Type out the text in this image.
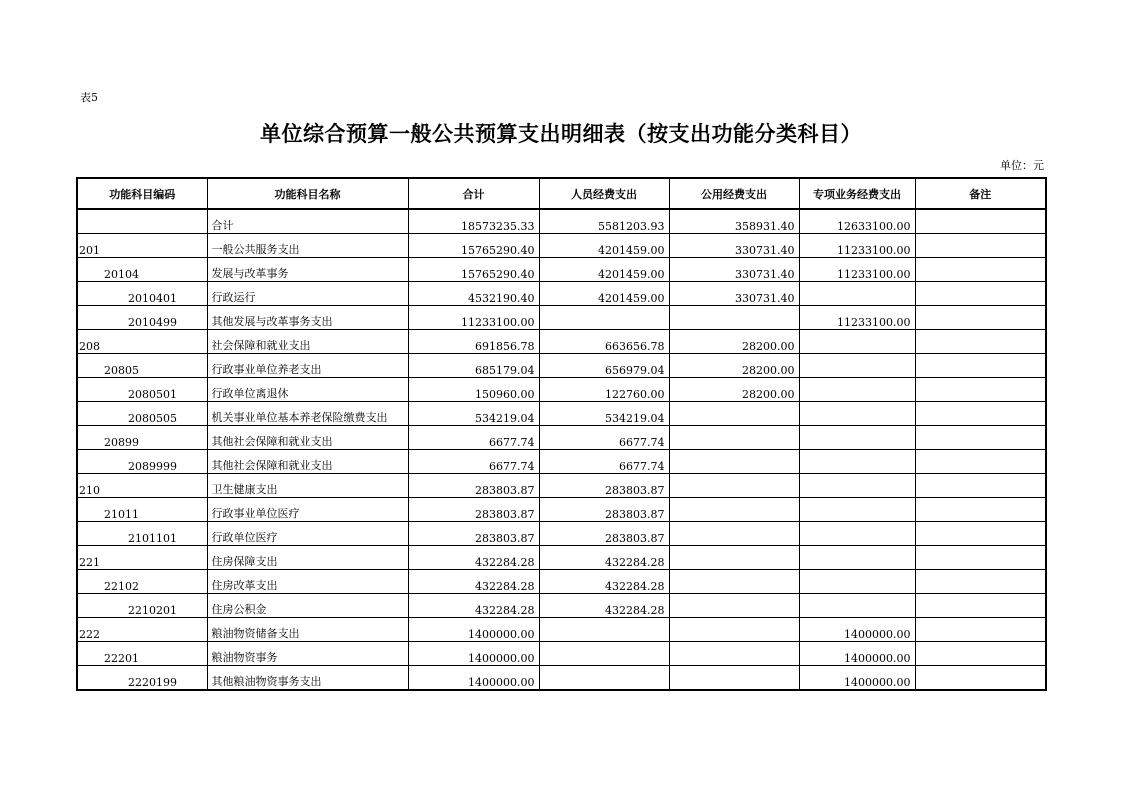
表5
单位综合预算一般公共预算支出明细表（按支出功能分类科目）
单位：元
功能科目编码	功能科目名称	合计	人员经费支出	公用经费支出	专项业务经费支出	备注
	合计	18573235.33	5581203.93	358931.40	12633100.00	
201	一般公共服务支出	15765290.40	4201459.00	330731.40	11233100.00	
20104	发展与改革事务	15765290.40	4201459.00	330731.40	11233100.00	
2010401	行政运行	4532190.40	4201459.00	330731.40		
2010499	其他发展与改革事务支出	11233100.00			11233100.00	
208	社会保障和就业支出	691856.78	663656.78	28200.00		
20805	行政事业单位养老支出	685179.04	656979.04	28200.00		
2080501	行政单位离退休	150960.00	122760.00	28200.00		
2080505	机关事业单位基本养老保险缴费支出	534219.04	534219.04			
20899	其他社会保障和就业支出	6677.74	6677.74			
2089999	其他社会保障和就业支出	6677.74	6677.74			
210	卫生健康支出	283803.87	283803.87			
21011	行政事业单位医疗	283803.87	283803.87			
2101101	行政单位医疗	283803.87	283803.87			
221	住房保障支出	432284.28	432284.28			
22102	住房改革支出	432284.28	432284.28			
2210201	住房公积金	432284.28	432284.28			
222	粮油物资储备支出	1400000.00			1400000.00	
22201	粮油物资事务	1400000.00			1400000.00	
2220199	其他粮油物资事务支出	1400000.00			1400000.00	
